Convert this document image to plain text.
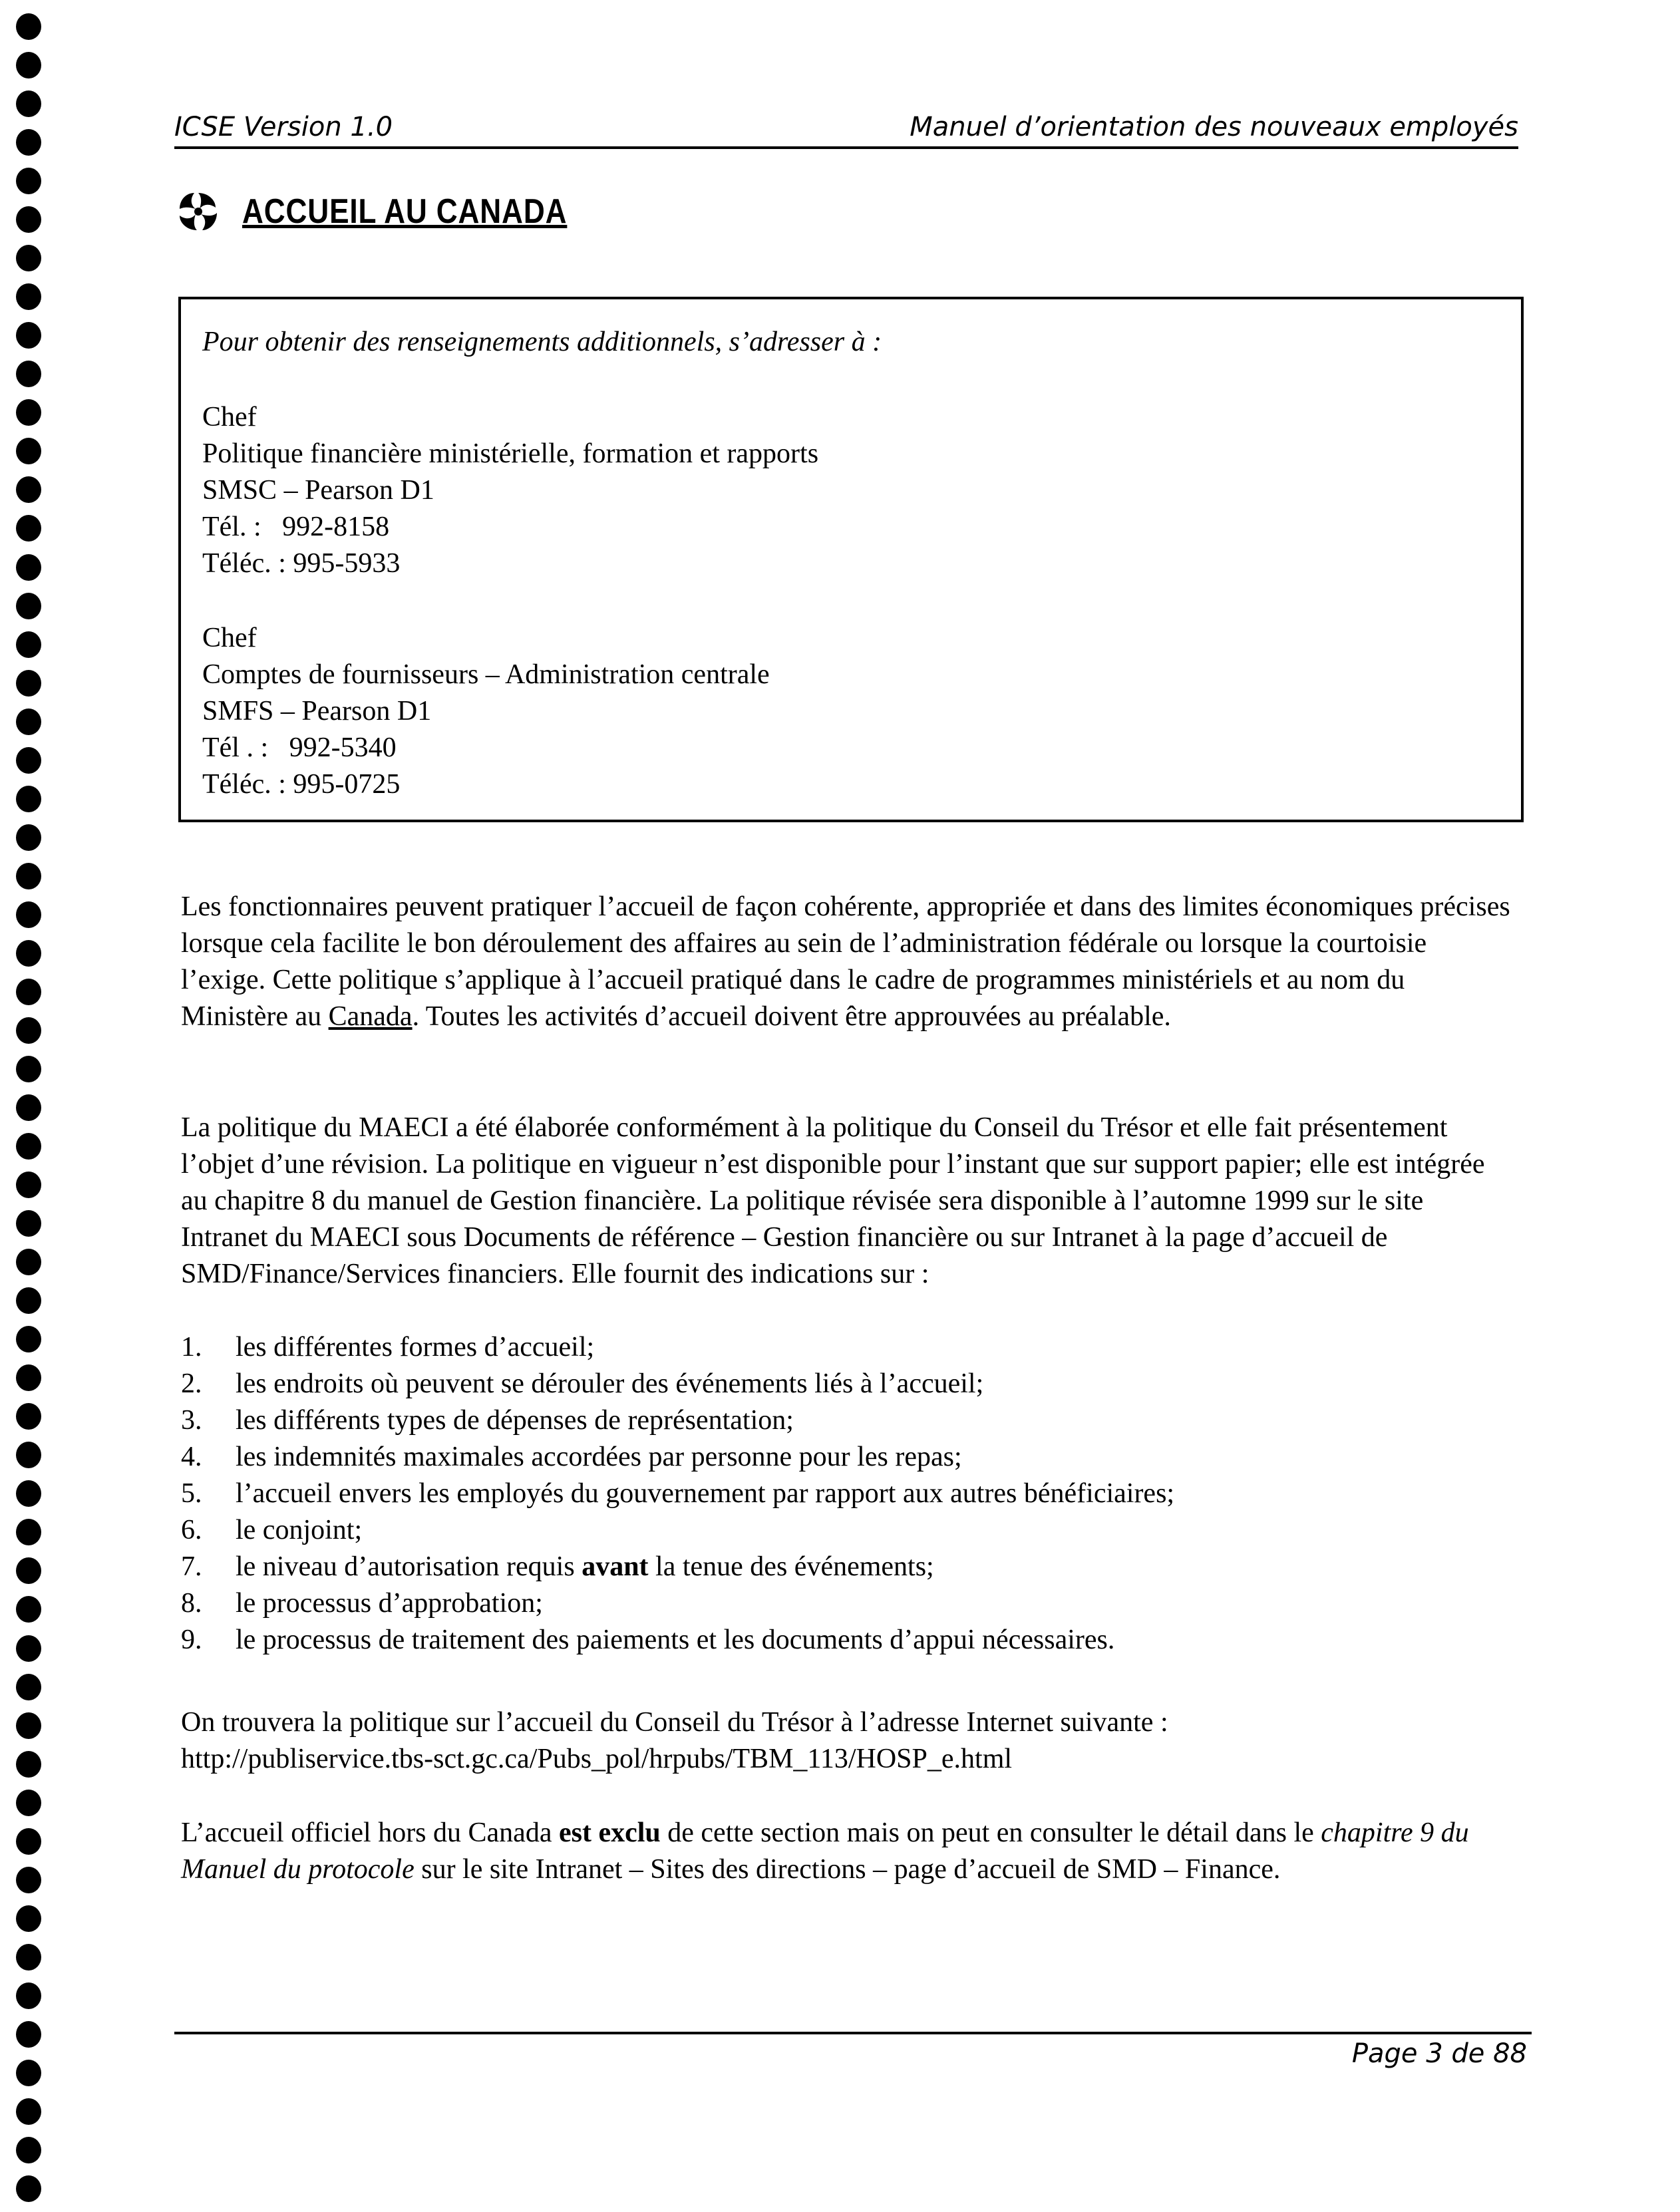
ICSE Version 1.0	Manuel d’orientation des nouveaux employés
ACCUEIL AU CANADA
Pour obtenir des renseignements additionnels, s’adresser à :
Chef
Politique financière ministérielle, formation et rapports
SMSC – Pearson D1
Tél. : 992-8158
Téléc. : 995-5933
Chef
Comptes de fournisseurs – Administration centrale
SMFS – Pearson D1
Tél . : 992-5340
Téléc. : 995-0725

Les fonctionnaires peuvent pratiquer l’accueil de façon cohérente, appropriée et dans des limites économiques précises lorsque cela facilite le bon déroulement des affaires au sein de l’administration fédérale ou lorsque la courtoisie l’exige. Cette politique s’applique à l’accueil pratiqué dans le cadre de programmes ministériels et au nom du Ministère au Canada. Toutes les activités d’accueil doivent être approuvées au préalable.

La politique du MAECI a été élaborée conformément à la politique du Conseil du Trésor et elle fait présentement l’objet d’une révision. La politique en vigueur n’est disponible pour l’instant que sur support papier; elle est intégrée au chapitre 8 du manuel de Gestion financière. La politique révisée sera disponible à l’automne 1999 sur le site Intranet du MAECI sous Documents de référence – Gestion financière ou sur Intranet à la page d’accueil de SMD/Finance/Services financiers. Elle fournit des indications sur :

1.	les différentes formes d’accueil;
2.	les endroits où peuvent se dérouler des événements liés à l’accueil;
3.	les différents types de dépenses de représentation;
4.	les indemnités maximales accordées par personne pour les repas;
5.	l’accueil envers les employés du gouvernement par rapport aux autres bénéficiaires;
6.	le conjoint;
7.	le niveau d’autorisation requis
avant
la tenue des événements;
8.	le processus d’approbation;
9.	le processus de traitement des paiements et les documents d’appui nécessaires.

On trouvera la politique sur l’accueil du Conseil du Trésor à l’adresse Internet suivante :

http://publiservice.tbs-sct.gc.ca/Pubs_pol/hrpubs/TBM_113/HOSP_e.html

L’accueil officiel hors du Canada est exclu de cette section mais on peut en consulter le détail dans le chapitre 9 du Manuel du protocole sur le site Intranet – Sites des directions – page d’accueil de SMD – Finance.

Page 3 de 88
